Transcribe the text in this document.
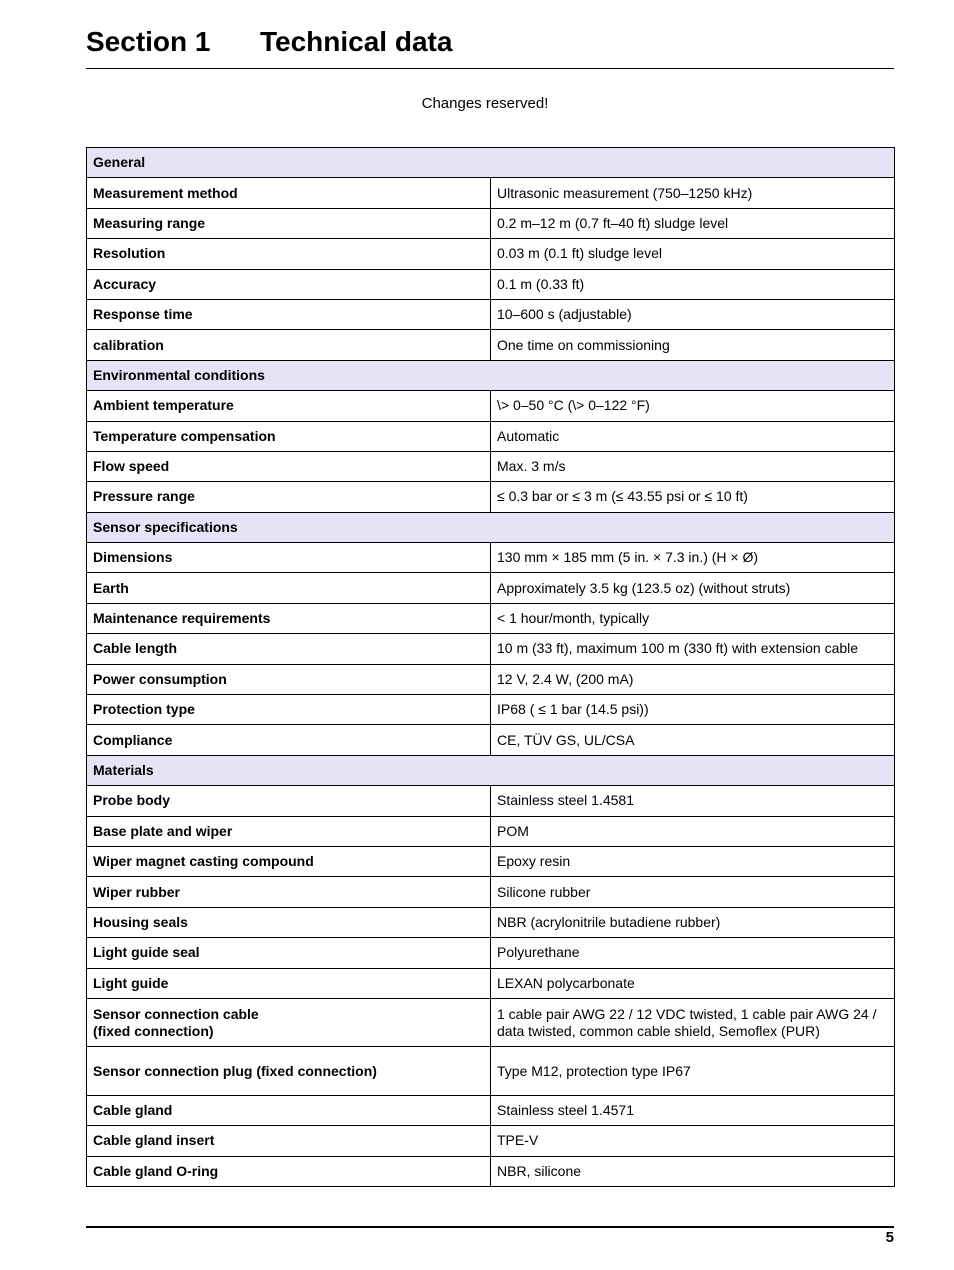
Section 1 Technical data
Changes reserved!
General	
Measurement method	Ultrasonic measurement (750–1250 kHz)
Measuring range	0.2 m–12 m (0.7 ft–40 ft) sludge level
Resolution	0.03 m (0.1 ft) sludge level
Accuracy	0.1 m (0.33 ft)
Response time	10–600 s (adjustable)
calibration	One time on commissioning
Environmental conditions	
Ambient temperature	\> 0–50 °C (\> 0–122 °F)
Temperature compensation	Automatic
Flow speed	Max. 3 m/s
Pressure range	≤ 0.3 bar or ≤ 3 m (≤ 43.55 psi or ≤ 10 ft)
Sensor specifications	
Dimensions	130 mm × 185 mm (5 in. × 7.3 in.) (H × Ø)
Earth	Approximately 3.5 kg (123.5 oz) (without struts)
Maintenance requirements	< 1 hour/month, typically
Cable length	10 m (33 ft), maximum 100 m (330 ft) with extension cable
Power consumption	12 V, 2.4 W, (200 mA)
Protection type	IP68 ( ≤ 1 bar (14.5 psi))
Compliance	CE, TÜV GS, UL/CSA
Materials	
Probe body	Stainless steel 1.4581
Base plate and wiper	POM
Wiper magnet casting compound	Epoxy resin
Wiper rubber	Silicone rubber
Housing seals	NBR (acrylonitrile butadiene rubber)
Light guide seal	Polyurethane
Light guide	LEXAN polycarbonate
Sensor connection cable
(fixed connection)	1 cable pair AWG 22 / 12 VDC twisted, 1 cable pair AWG 24 / data twisted, common cable shield, Semoflex (PUR)
Sensor connection plug (fixed connection)	Type M12, protection type IP67
Cable gland	Stainless steel 1.4571
Cable gland insert	TPE-V
Cable gland O-ring	NBR, silicone
5
